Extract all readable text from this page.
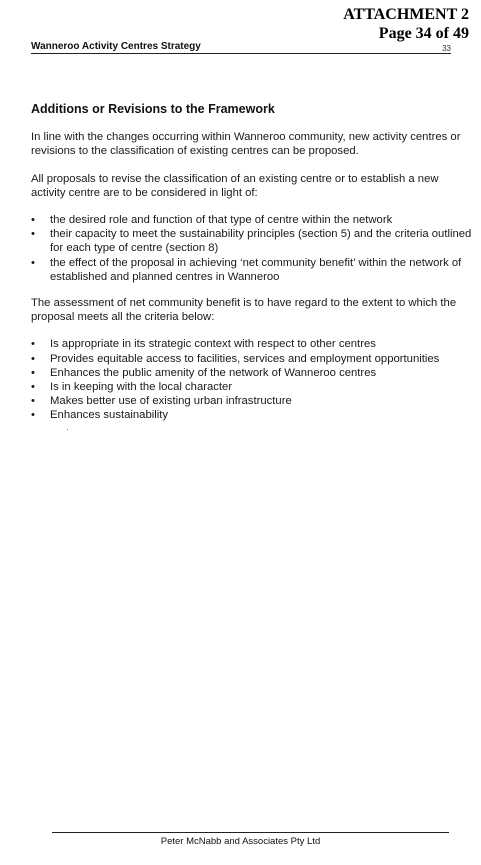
ATTACHMENT 2
Page 34 of 49
Wanneroo Activity Centres Strategy	33
Additions or Revisions to the Framework

In line with the changes occurring within Wanneroo community, new activity centres or revisions to the classification of existing centres can be proposed.

All proposals to revise the classification of an existing centre or to establish a new activity centre are to be considered in light of:

• the desired role and function of that type of centre within the network
• their capacity to meet the sustainability principles (section 5) and the criteria outlined for each type of centre (section 8)
• the effect of the proposal in achieving ‘net community benefit’ within the network of established and planned centres in Wanneroo

The assessment of net community benefit is to have regard to the extent to which the proposal meets all the criteria below:

• Is appropriate in its strategic context with respect to other centres
• Provides equitable access to facilities, services and employment opportunities
• Enhances the public amenity of the network of Wanneroo centres
• Is in keeping with the local character
• Makes better use of existing urban infrastructure
• Enhances sustainability
Peter McNabb and Associates Pty Ltd
